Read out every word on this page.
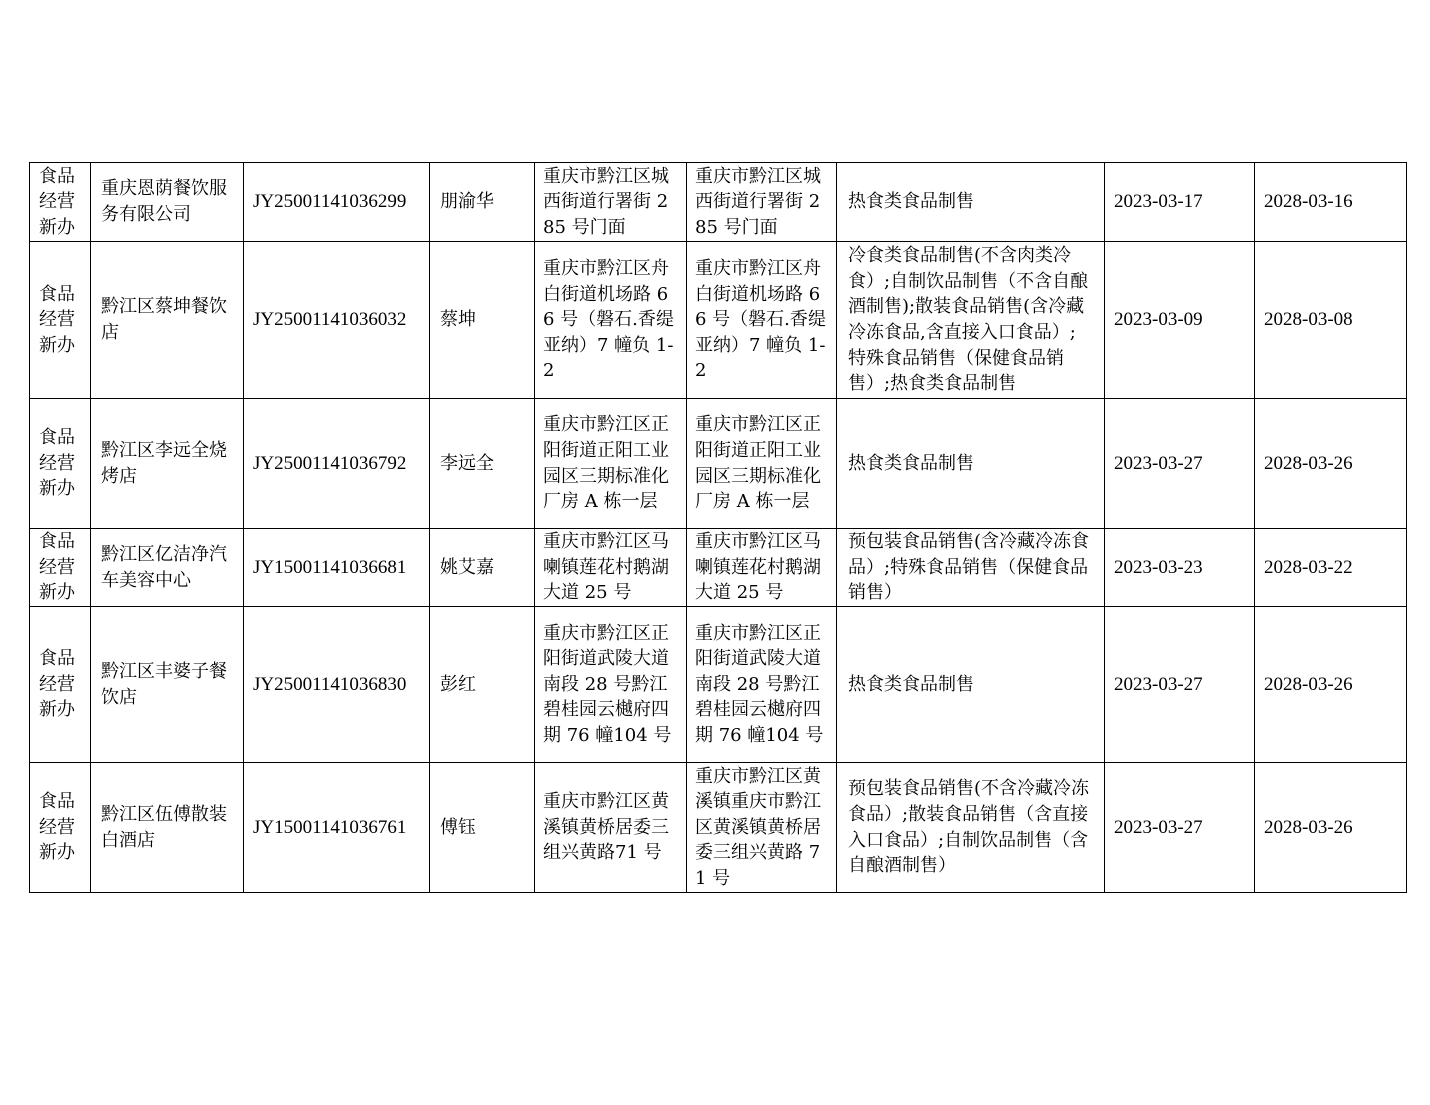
食品经营新办	重庆恩荫餐饮服务有限公司	JY25001141036299	朋渝华	重庆市黔江区城西街道行署街 285 号门面	重庆市黔江区城西街道行署街 285 号门面	热食类食品制售	2023-03-17	2028-03-16
食品经营新办	黔江区蔡坤餐饮店	JY25001141036032	蔡坤	重庆市黔江区舟白街道机场路 66 号（磐石.香缇亚纳）7 幢负 1-2	重庆市黔江区舟白街道机场路 66 号（磐石.香缇亚纳）7 幢负 1-2	冷食类食品制售(不含肉类冷食）;自制饮品制售（不含自酿酒制售);散装食品销售(含冷藏冷冻食品,含直接入口食品）;特殊食品销售（保健食品销售）;热食类食品制售	2023-03-09	2028-03-08
食品经营新办	黔江区李远全烧烤店	JY25001141036792	李远全	重庆市黔江区正阳街道正阳工业园区三期标准化厂房 A 栋一层	重庆市黔江区正阳街道正阳工业园区三期标准化厂房 A 栋一层	热食类食品制售	2023-03-27	2028-03-26
食品经营新办	黔江区亿洁净汽车美容中心	JY15001141036681	姚艾嘉	重庆市黔江区马喇镇莲花村鹅湖大道 25 号	重庆市黔江区马喇镇莲花村鹅湖大道 25 号	预包装食品销售(含冷藏冷冻食品）;特殊食品销售（保健食品销售）	2023-03-23	2028-03-22
食品经营新办	黔江区丰婆子餐饮店	JY25001141036830	彭红	重庆市黔江区正阳街道武陵大道南段 28 号黔江碧桂园云樾府四期 76 幢104 号	重庆市黔江区正阳街道武陵大道南段 28 号黔江碧桂园云樾府四期 76 幢104 号	热食类食品制售	2023-03-27	2028-03-26
食品经营新办	黔江区伍傅散装白酒店	JY15001141036761	傅钰	重庆市黔江区黄溪镇黄桥居委三组兴黄路71 号	重庆市黔江区黄溪镇重庆市黔江区黄溪镇黄桥居委三组兴黄路 71 号	预包装食品销售(不含冷藏冷冻食品）;散装食品销售（含直接入口食品）;自制饮品制售（含自酿酒制售）	2023-03-27	2028-03-26
